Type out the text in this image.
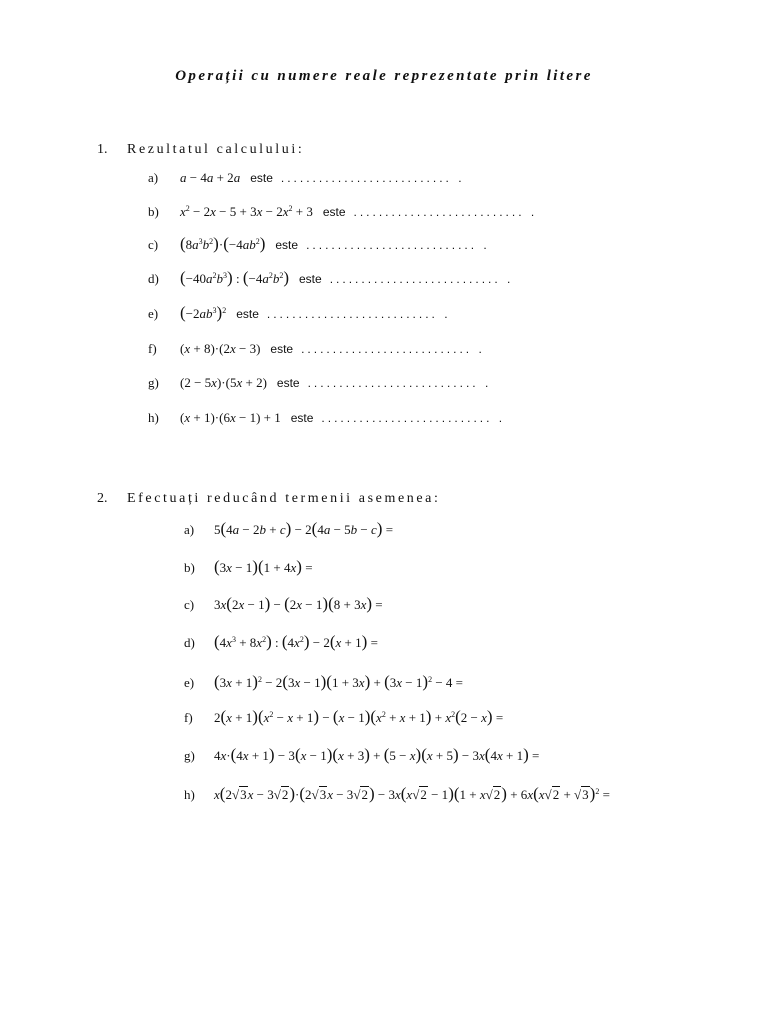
Operații cu numere reale reprezentate prin litere
1. Rezultatul calculului:
a)	a − 4a + 2a este ........................... .
b)	$x^2 - 2x - 5 + 3x - 2x^2 + 3$ este ........................... .
c)	$(8a^3b^2)\cdot(-4ab^2)$ este ........................... .
d)	$(-40a^2b^3)$ : $(-4a^2b^2)$ este ........................... .
e)	$(-2ab^3)^2$ este ........................... .
f)	(x + 8)·(2x − 3) este ........................... .
g)	(2 − 5x)·(5x + 2) este ........................... .
h)	(x + 1)·(6x − 1) + 1 este ........................... .
2. Efectuați reducând termenii asemenea:
a)	5(4a − 2b + c) − 2(4a − 5b − c) =
b)	(3x − 1)(1 + 4x) =
c)	3x(2x − 1) − (2x − 1)(8 + 3x) =
d)	$(4x^3 + 8x^2)$ : $(4x^2) - 2(x + 1)$ =
e)	$(3x + 1)^2 - 2(3x - 1)(1 + 3x) + (3x - 1)^2 - 4$ =
f)	$2(x + 1)(x^2 - x + 1) - (x - 1)(x^2 + x + 1) + x^2(2 - x)$ =
g)	4x·(4x + 1) − 3(x − 1)(x + 3) + (5 − x)(x + 5) − 3x(4x + 1) =
h)	$x(2√3x - 3√2)\cdot(2√3x - 3√2) - 3x(x√2 - 1)(1 + x√2) + 6x(x√2 + √3)^2$ =
